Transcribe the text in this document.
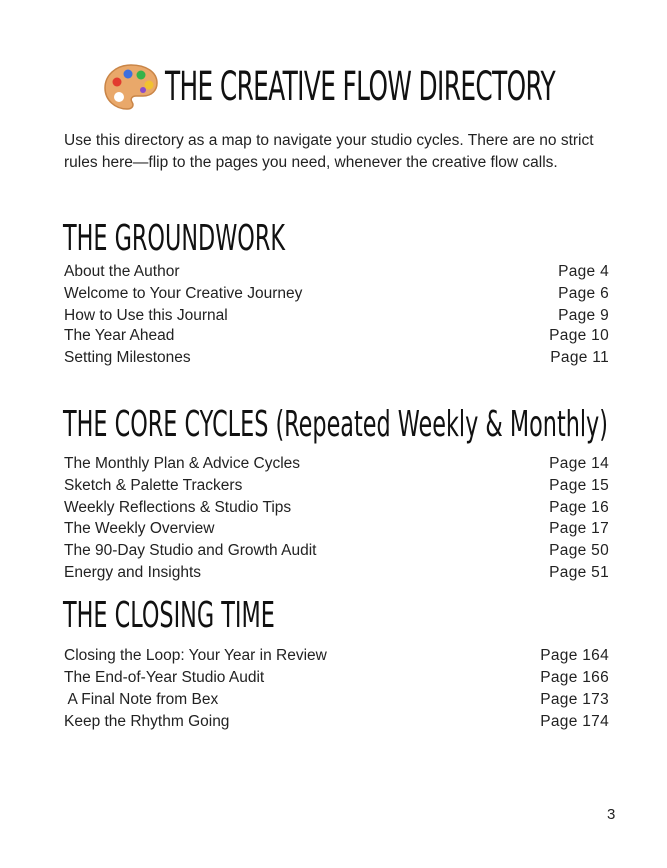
THE CREATIVE FLOW DIRECTORY

Use this directory as a map to navigate your studio cycles. There are no strict rules here—flip to the pages you need, whenever the creative flow calls.

THE GROUNDWORK
About the Author	Page 4
Welcome to Your Creative Journey	Page 6
How to Use this Journal	Page 9
The Year Ahead	Page 10
Setting Milestones	Page 11
THE CORE CYCLES (Repeated Weekly & Monthly)
The Monthly Plan & Advice Cycles	Page 14
Sketch & Palette Trackers	Page 15
Weekly Reflections & Studio Tips	Page 16
The Weekly Overview	Page 17
The 90-Day Studio and Growth Audit	Page 50
Energy and Insights	Page 51
THE CLOSING TIME
Closing the Loop: Your Year in Review	Page 164
The End-of-Year Studio Audit	Page 166
A Final Note from Bex	Page 173
Keep the Rhythm Going	Page 174
3
